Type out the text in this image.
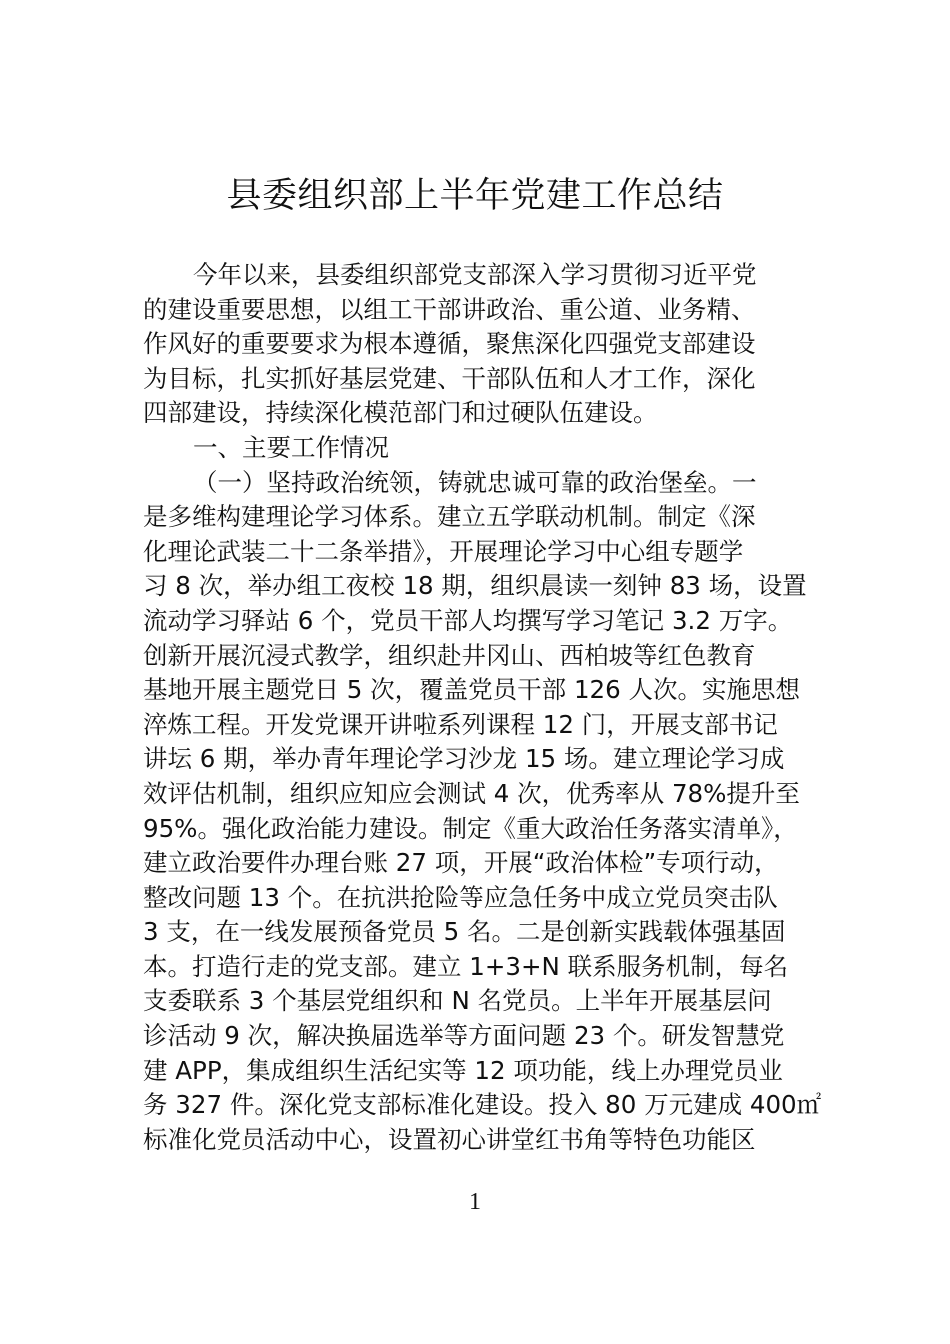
县委组织部上半年党建工作总结
今年以来，县委组织部党支部深入学习贯彻习近平党
的建设重要思想，以组工干部讲政治、重公道、业务精、
作风好的重要要求为根本遵循，聚焦深化四强党支部建设
为目标，扎实抓好基层党建、干部队伍和人才工作，深化
四部建设，持续深化模范部门和过硬队伍建设。
一、主要工作情况
（一）坚持政治统领，铸就忠诚可靠的政治堡垒。一
是多维构建理论学习体系。建立五学联动机制。制定《深
化理论武装二十二条举措》，开展理论学习中心组专题学
习 8 次，举办组工夜校 18 期，组织晨读一刻钟 83 场，设置
流动学习驿站 6 个，党员干部人均撰写学习笔记 3.2 万字。
创新开展沉浸式教学，组织赴井冈山、西柏坡等红色教育
基地开展主题党日 5 次，覆盖党员干部 126 人次。实施思想
淬炼工程。开发党课开讲啦系列课程 12 门，开展支部书记
讲坛 6 期，举办青年理论学习沙龙 15 场。建立理论学习成
效评估机制，组织应知应会测试 4 次，优秀率从 78%提升至
95%。强化政治能力建设。制定《重大政治任务落实清单》，
建立政治要件办理台账 27 项，开展“政治体检”专项行动，
整改问题 13 个。在抗洪抢险等应急任务中成立党员突击队
3 支，在一线发展预备党员 5 名。二是创新实践载体强基固
本。打造行走的党支部。建立 1+3+N 联系服务机制，每名
支委联系 3 个基层党组织和 N 名党员。上半年开展基层问
诊活动 9 次，解决换届选举等方面问题 23 个。研发智慧党
建 APP，集成组织生活纪实等 12 项功能，线上办理党员业
务 327 件。深化党支部标准化建设。投入 80 万元建成 400㎡
标准化党员活动中心，设置初心讲堂红书角等特色功能区
1
